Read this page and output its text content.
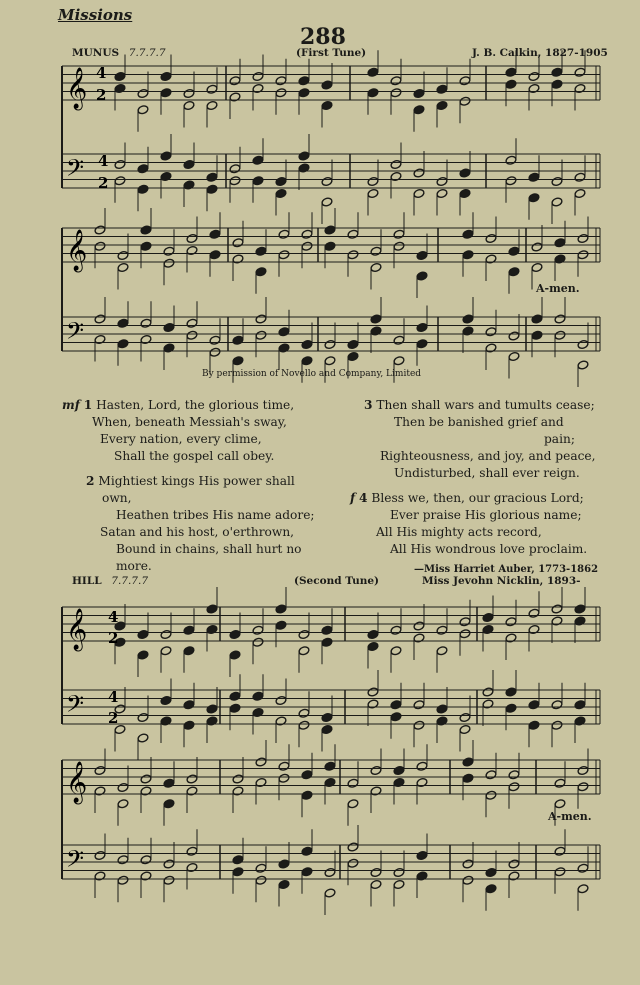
Missions
288
MUNUS 7.7.7.7	(First Tune)	J. B. Calkin, 1827-1905
HILL 7.7.7.7	(Second Tune)	Miss Jevohn Nicklin, 1893-
𝄞
𝄢
𝄞
𝄢
𝄞
𝄢
𝄞
𝄢
4
2
4
2
4
2
4
2
A-men.
By permission of Novello and Company, Limited
A-men.
mf 1 Hasten, Lord, the glorious time,
When, beneath Messiah's sway,
Every nation, every clime,
Shall the gospel call obey.
2 Mightiest kings His power shall
own,
Heathen tribes His name adore;
Satan and his host, o'erthrown,
Bound in chains, shall hurt no
more.
3 Then shall wars and tumults cease;
Then be banished grief and
pain;
Righteousness, and joy, and peace,
Undisturbed, shall ever reign.
f 4 Bless we, then, our gracious Lord;
Ever praise His glorious name;
All His mighty acts record,
All His wondrous love proclaim.
—Miss Harriet Auber, 1773-1862
